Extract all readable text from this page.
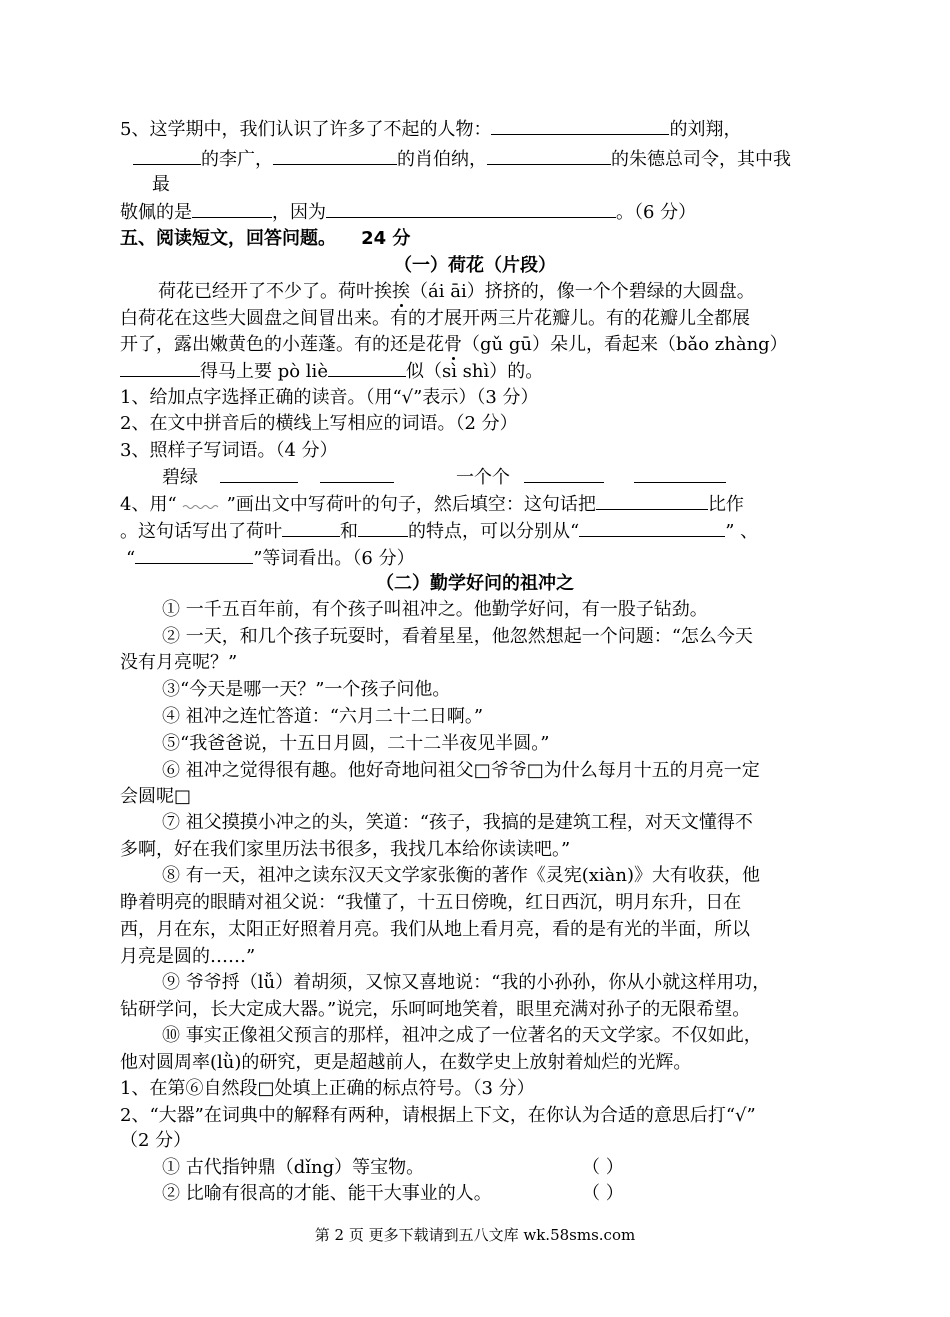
5、这学期中，我们认识了许多了不起的人物：	的刘翔，
的李广，	的肖伯纳，	的朱德总司令，其中我
最
敬佩的是	，因为	。（6 分）
五、阅读短文，回答问题。 24 分
（一）荷花（片段）
荷花已经开了不少了。荷叶挨挨（ái āi）挤挤的，像一个个碧绿的大圆盘。
白荷花在这些大圆盘之间冒出来。有的才展开两三片花瓣儿。有的花瓣儿全都展
开了，露出嫩黄色的小莲蓬。有的还是花骨（gǔ gū）朵儿，看起来（bǎo zhàng）
得马上要 pò liè	似（sì shì）的。
1、给加点字选择正确的读音。（用“√”表示）（3 分）
2、在文中拼音后的横线上写相应的词语。（2 分）
3、照样子写词语。（4 分）
碧绿	一个个
4、用“	”画出文中写荷叶的句子，然后填空：这句话把	比作
。这句话写出了荷叶	和	的特点，可以分别从“	” 、
“	”等词看出。（6 分）
（二）勤学好问的祖冲之
① 一千五百年前，有个孩子叫祖冲之。他勤学好问，有一股子钻劲。
② 一天，和几个孩子玩耍时，看着星星，他忽然想起一个问题：“怎么今天
没有月亮呢？”
③“今天是哪一天？”一个孩子问他。
④ 祖冲之连忙答道：“六月二十二日啊。”
⑤“我爸爸说，十五日月圆，二十二半夜见半圆。”
⑥ 祖冲之觉得很有趣。他好奇地问祖父□爷爷□为什么每月十五的月亮一定
会圆呢□
⑦ 祖父摸摸小冲之的头，笑道：“孩子，我搞的是建筑工程，对天文懂得不
多啊，好在我们家里历法书很多，我找几本给你读读吧。”
⑧ 有一天，祖冲之读东汉天文学家张衡的著作《灵宪(xiàn)》大有收获，他
睁着明亮的眼睛对祖父说：“我懂了，十五日傍晚，红日西沉，明月东升，日在
西，月在东，太阳正好照着月亮。我们从地上看月亮，看的是有光的半面，所以
月亮是圆的……”
⑨ 爷爷捋（lǚ）着胡须，又惊又喜地说：“我的小孙孙，你从小就这样用功，
钻研学问，长大定成大器。”说完，乐呵呵地笑着，眼里充满对孙子的无限希望。
⑩ 事实正像祖父预言的那样，祖冲之成了一位著名的天文学家。不仅如此，
他对圆周率(lǜ)的研究，更是超越前人，在数学史上放射着灿烂的光辉。
1、在第⑥自然段□处填上正确的标点符号。（3 分）
2、“大器”在词典中的解释有两种，请根据上下文，在你认为合适的意思后打“√”
（2 分）
① 古代指钟鼎（dǐng）等宝物。	（ ）
② 比喻有很高的才能、能干大事业的人。	（ ）
第 2 页 更多下载请到五八文库 wk.58sms.com
